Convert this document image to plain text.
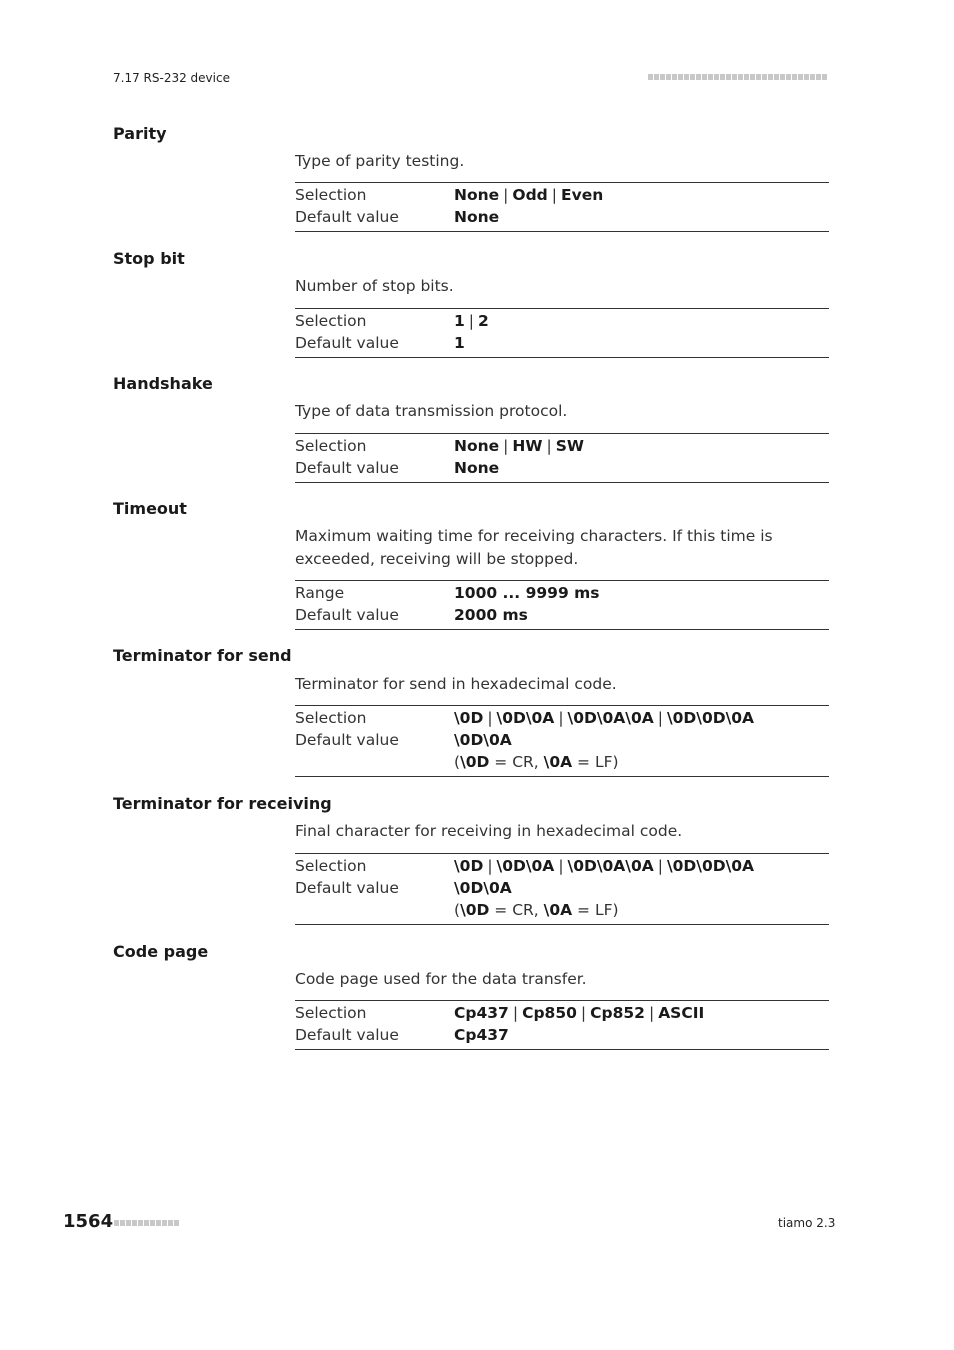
7.17 RS-232 device
Parity
Type of parity testing.
Selection	None | Odd | Even
Default value	None
Stop bit
Number of stop bits.
Selection	1 | 2
Default value	1
Handshake
Type of data transmission protocol.
Selection	None | HW | SW
Default value	None
Timeout
Maximum waiting time for receiving characters. If this time is exceeded, receiving will be stopped.
Range	1000 ... 9999 ms
Default value	2000 ms
Terminator for send
Terminator for send in hexadecimal code.
Selection	\0D | \0D\0A | \0D\0A\0A | \0D\0D\0A
Default value	\0D\0A
(\0D = CR, \0A = LF)
Terminator for receiving
Final character for receiving in hexadecimal code.
Selection	\0D | \0D\0A | \0D\0A\0A | \0D\0D\0A
Default value	\0D\0A
(\0D = CR, \0A = LF)
Code page
Code page used for the data transfer.
Selection	Cp437 | Cp850 | Cp852 | ASCII
Default value	Cp437
1564	tiamo 2.3
